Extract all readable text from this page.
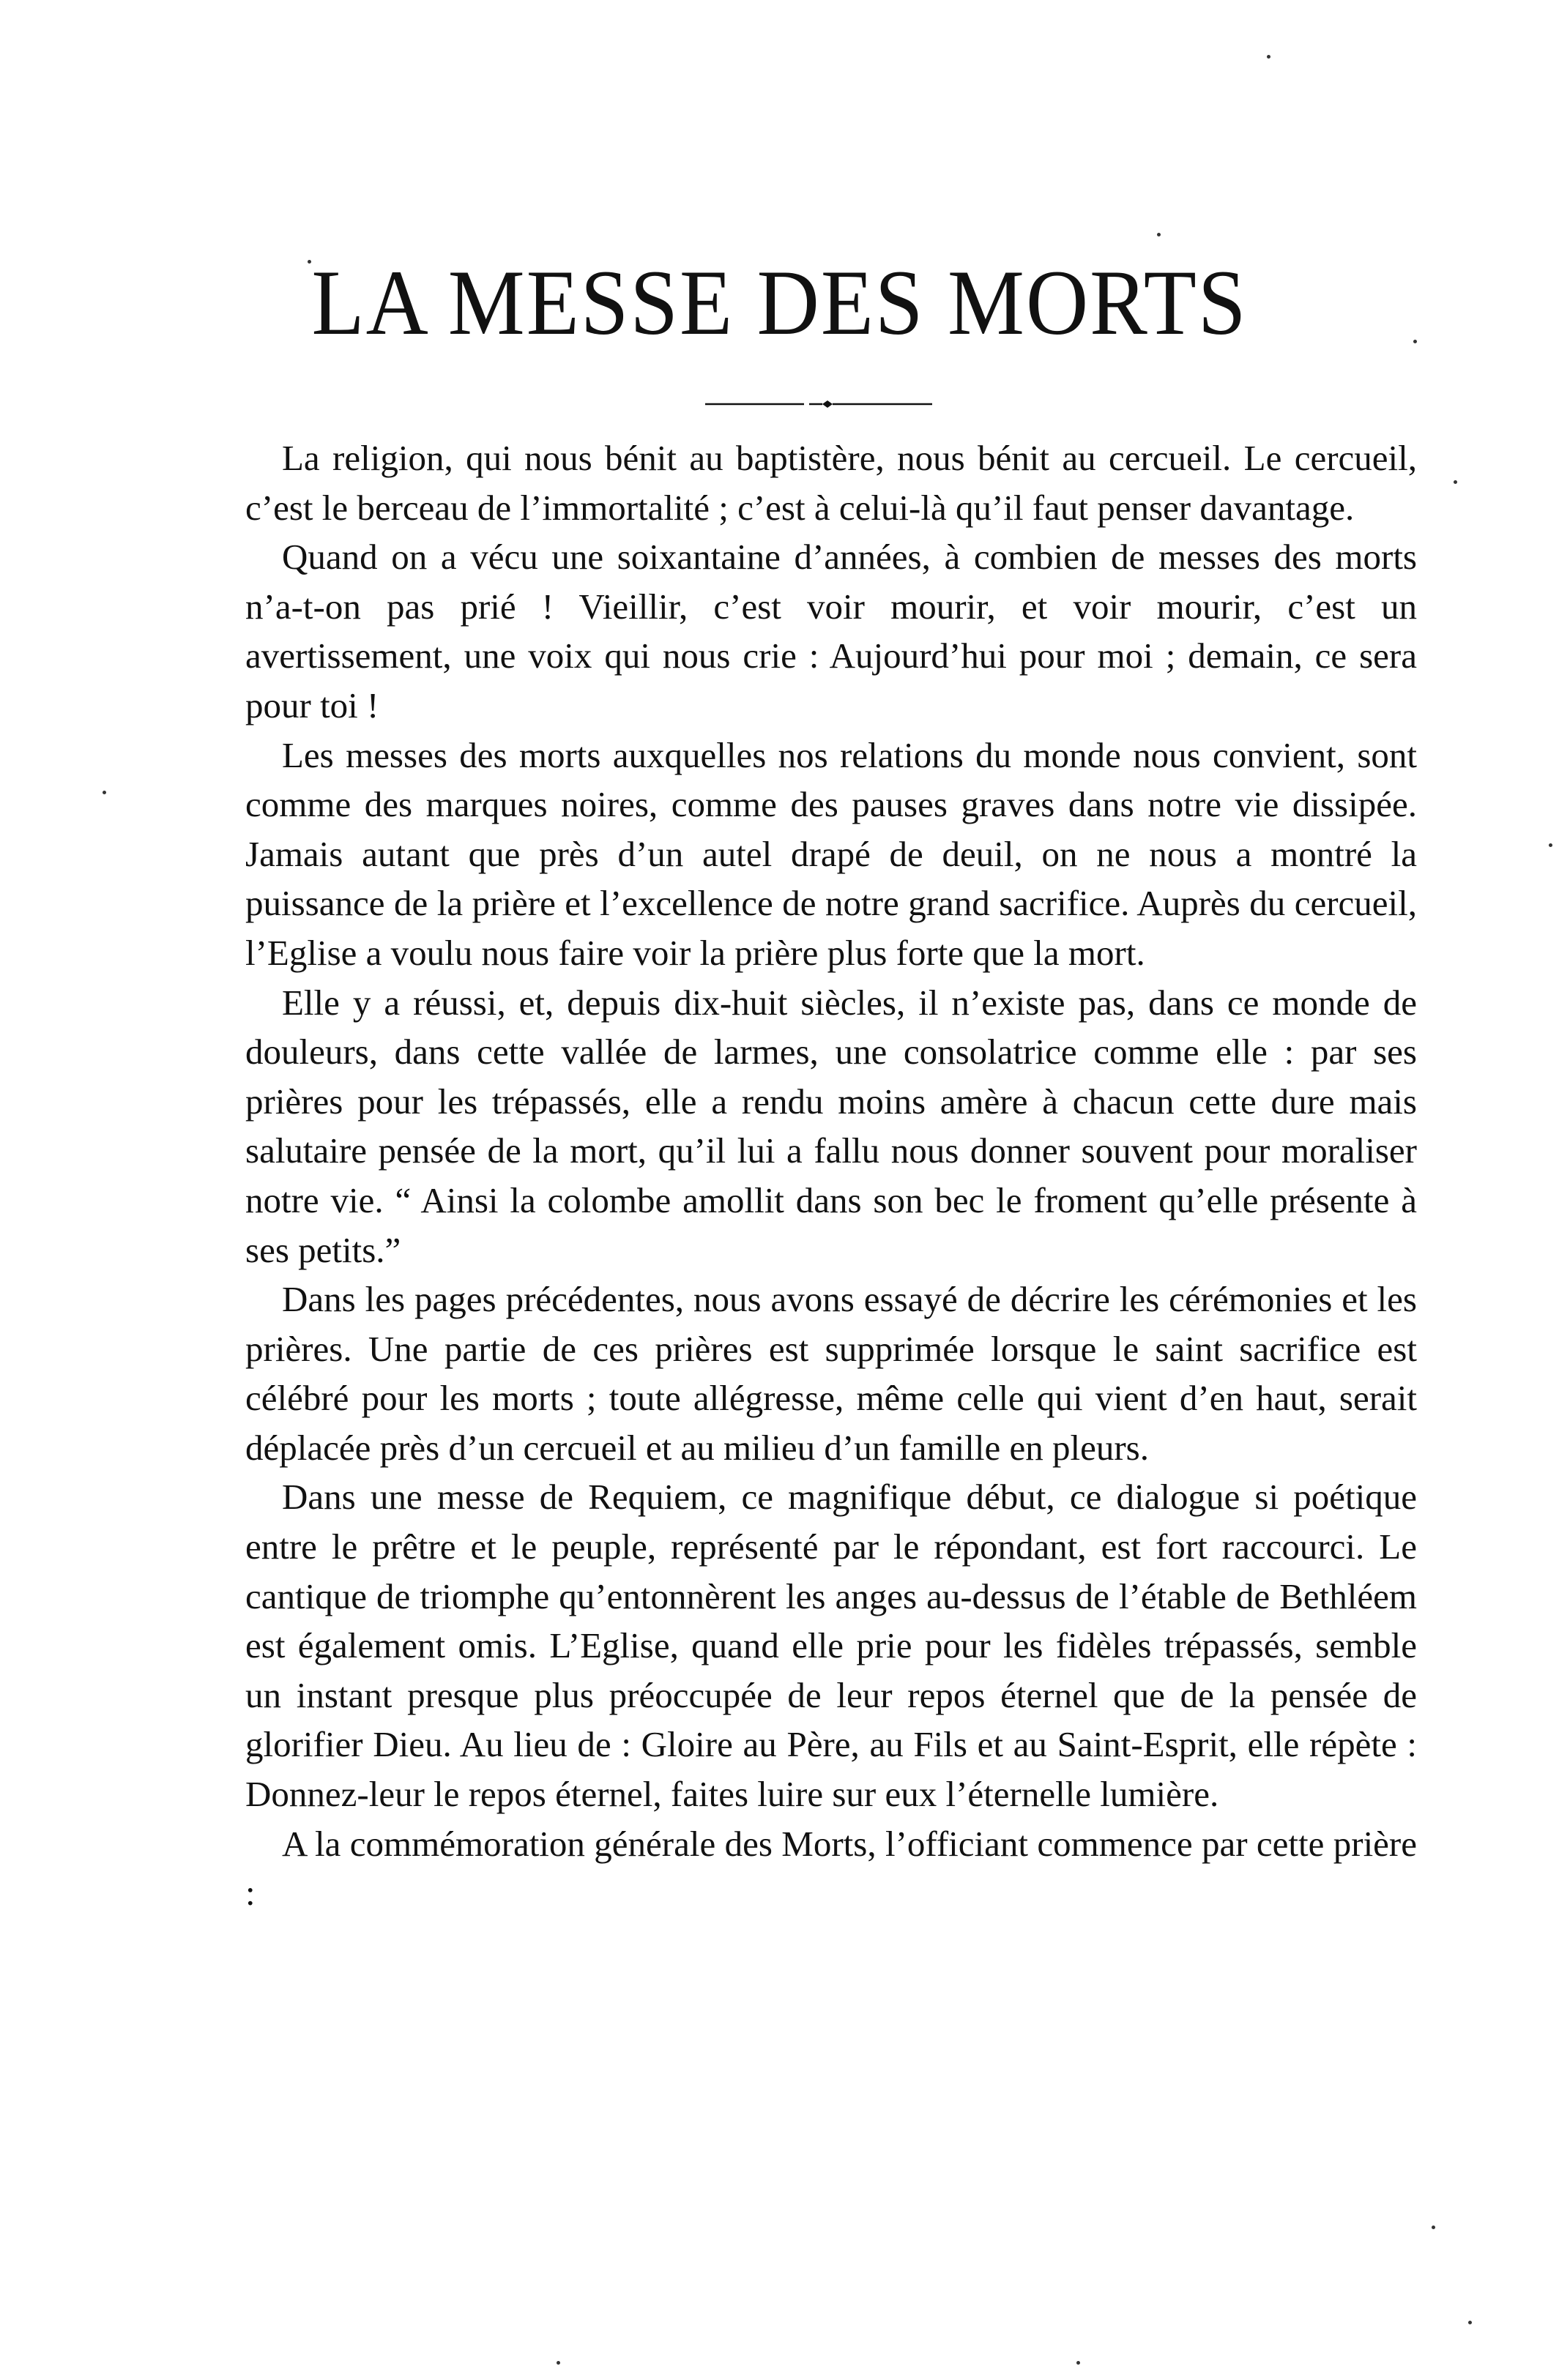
LA MESSE DES MORTS

La religion, qui nous bénit au baptistère, nous bénit au cercueil. Le cercueil, c’est le berceau de l’immortalité ; c’est à celui-là qu’il faut penser davantage.

Quand on a vécu une soixantaine d’années, à combien de messes des morts n’a-t-on pas prié ! Vieillir, c’est voir mourir, et voir mourir, c’est un avertissement, une voix qui nous crie : Aujourd’hui pour moi ; demain, ce sera pour toi !

Les messes des morts auxquelles nos relations du monde nous convient, sont comme des marques noires, comme des pauses graves dans notre vie dissipée. Jamais autant que près d’un autel drapé de deuil, on ne nous a montré la puissance de la prière et l’excellence de notre grand sacrifice. Auprès du cercueil, l’Eglise a voulu nous faire voir la prière plus forte que la mort.

Elle y a réussi, et, depuis dix-huit siècles, il n’existe pas, dans ce monde de douleurs, dans cette vallée de larmes, une consolatrice comme elle : par ses prières pour les trépassés, elle a rendu moins amère à chacun cette dure mais salutaire pensée de la mort, qu’il lui a fallu nous donner souvent pour moraliser notre vie. “ Ainsi la colombe amollit dans son bec le froment qu’elle présente à ses petits.”

Dans les pages précédentes, nous avons essayé de décrire les cérémonies et les prières. Une partie de ces prières est supprimée lorsque le saint sacrifice est célébré pour les morts ; toute allégresse, même celle qui vient d’en haut, serait déplacée près d’un cercueil et au milieu d’un famille en pleurs.

Dans une messe de Requiem, ce magnifique début, ce dialogue si poétique entre le prêtre et le peuple, représenté par le répondant, est fort raccourci. Le cantique de triomphe qu’entonnèrent les anges au-dessus de l’étable de Bethléem est également omis. L’Eglise, quand elle prie pour les fidèles trépassés, semble un instant presque plus préoccupée de leur repos éternel que de la pensée de glorifier Dieu. Au lieu de : Gloire au Père, au Fils et au Saint-Esprit, elle répète : Donnez-leur le repos éternel, faites luire sur eux l’éternelle lumière.

A la commémoration générale des Morts, l’officiant commence par cette prière :
